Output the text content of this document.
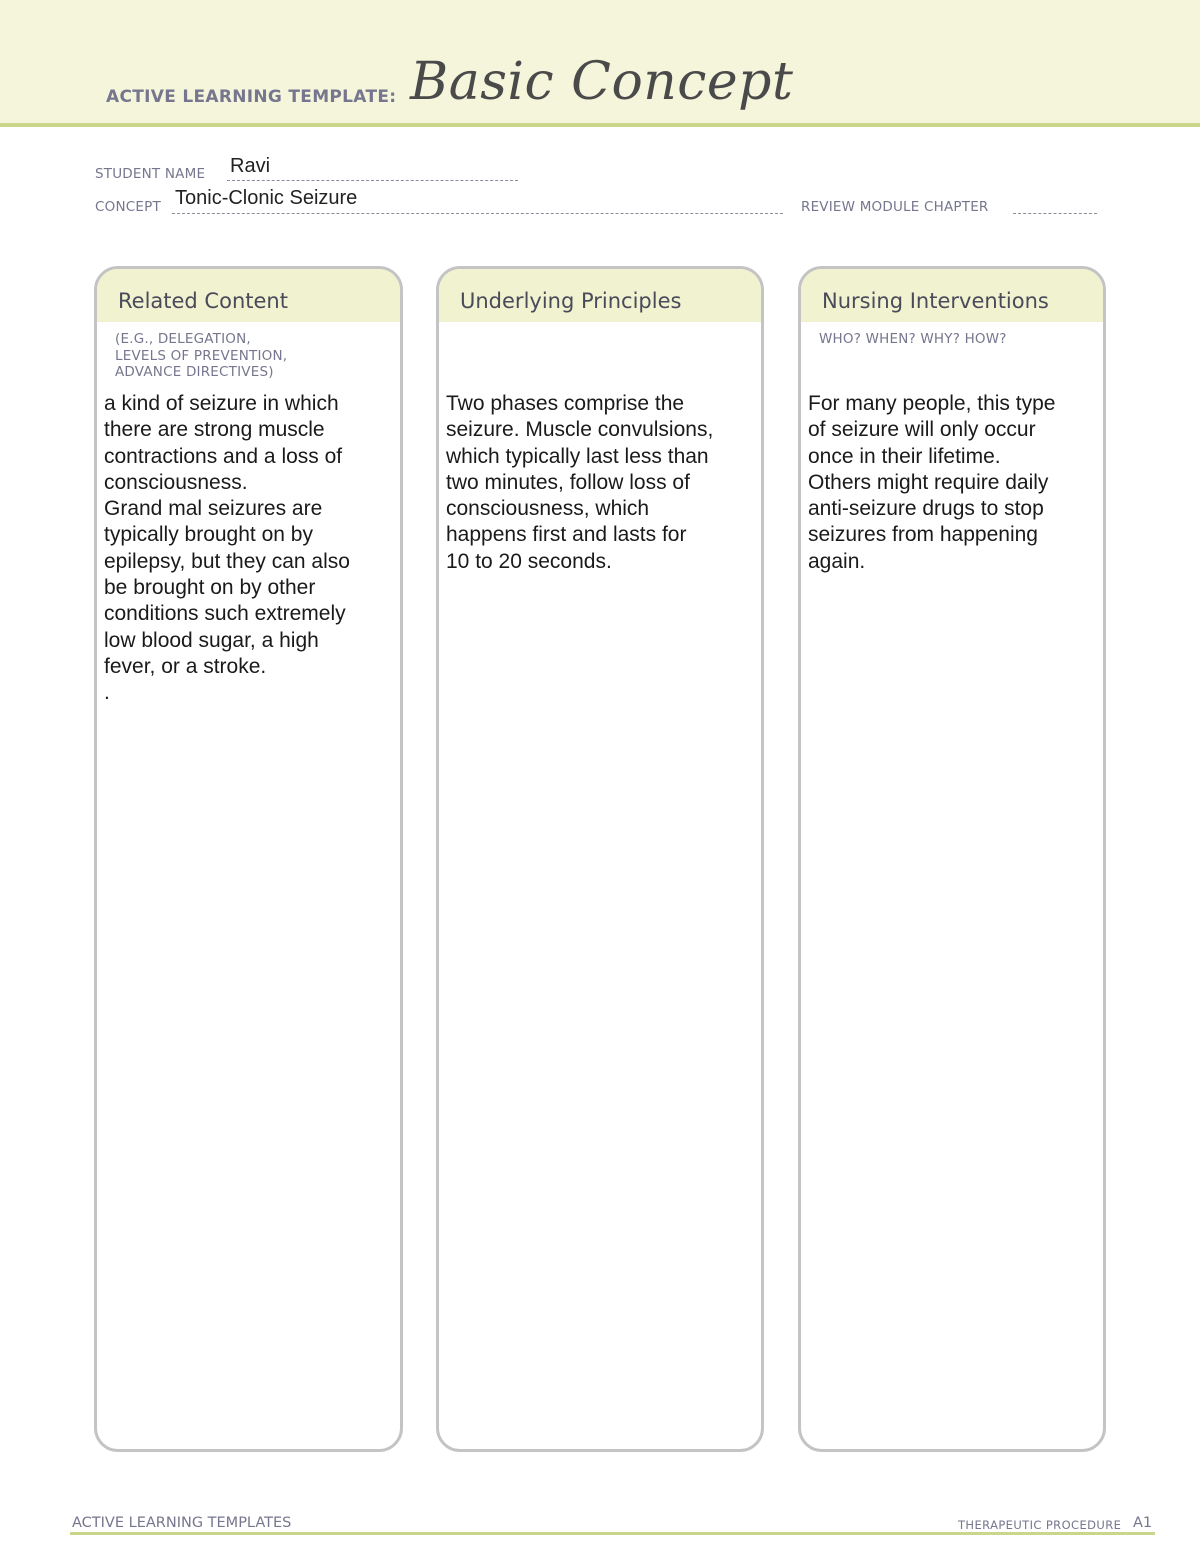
ACTIVE LEARNING TEMPLATE: Basic Concept
STUDENT NAME Ravi
CONCEPT Tonic-Clonic Seizure	REVIEW MODULE CHAPTER
Related Content
(E.G., DELEGATION,
LEVELS OF PREVENTION,
ADVANCE DIRECTIVES)
a kind of seizure in which
there are strong muscle
contractions and a loss of
consciousness.
Grand mal seizures are
typically brought on by
epilepsy, but they can also
be brought on by other
conditions such extremely
low blood sugar, a high
fever, or a stroke.
.
Underlying Principles
Two phases comprise the
seizure. Muscle convulsions,
which typically last less than
two minutes, follow loss of
consciousness, which
happens first and lasts for
10 to 20 seconds.
Nursing Interventions
WHO? WHEN? WHY? HOW?
For many people, this type
of seizure will only occur
once in their lifetime.
Others might require daily
anti-seizure drugs to stop
seizures from happening
again.
ACTIVE LEARNING TEMPLATES	THERAPEUTIC PROCEDURE A1
